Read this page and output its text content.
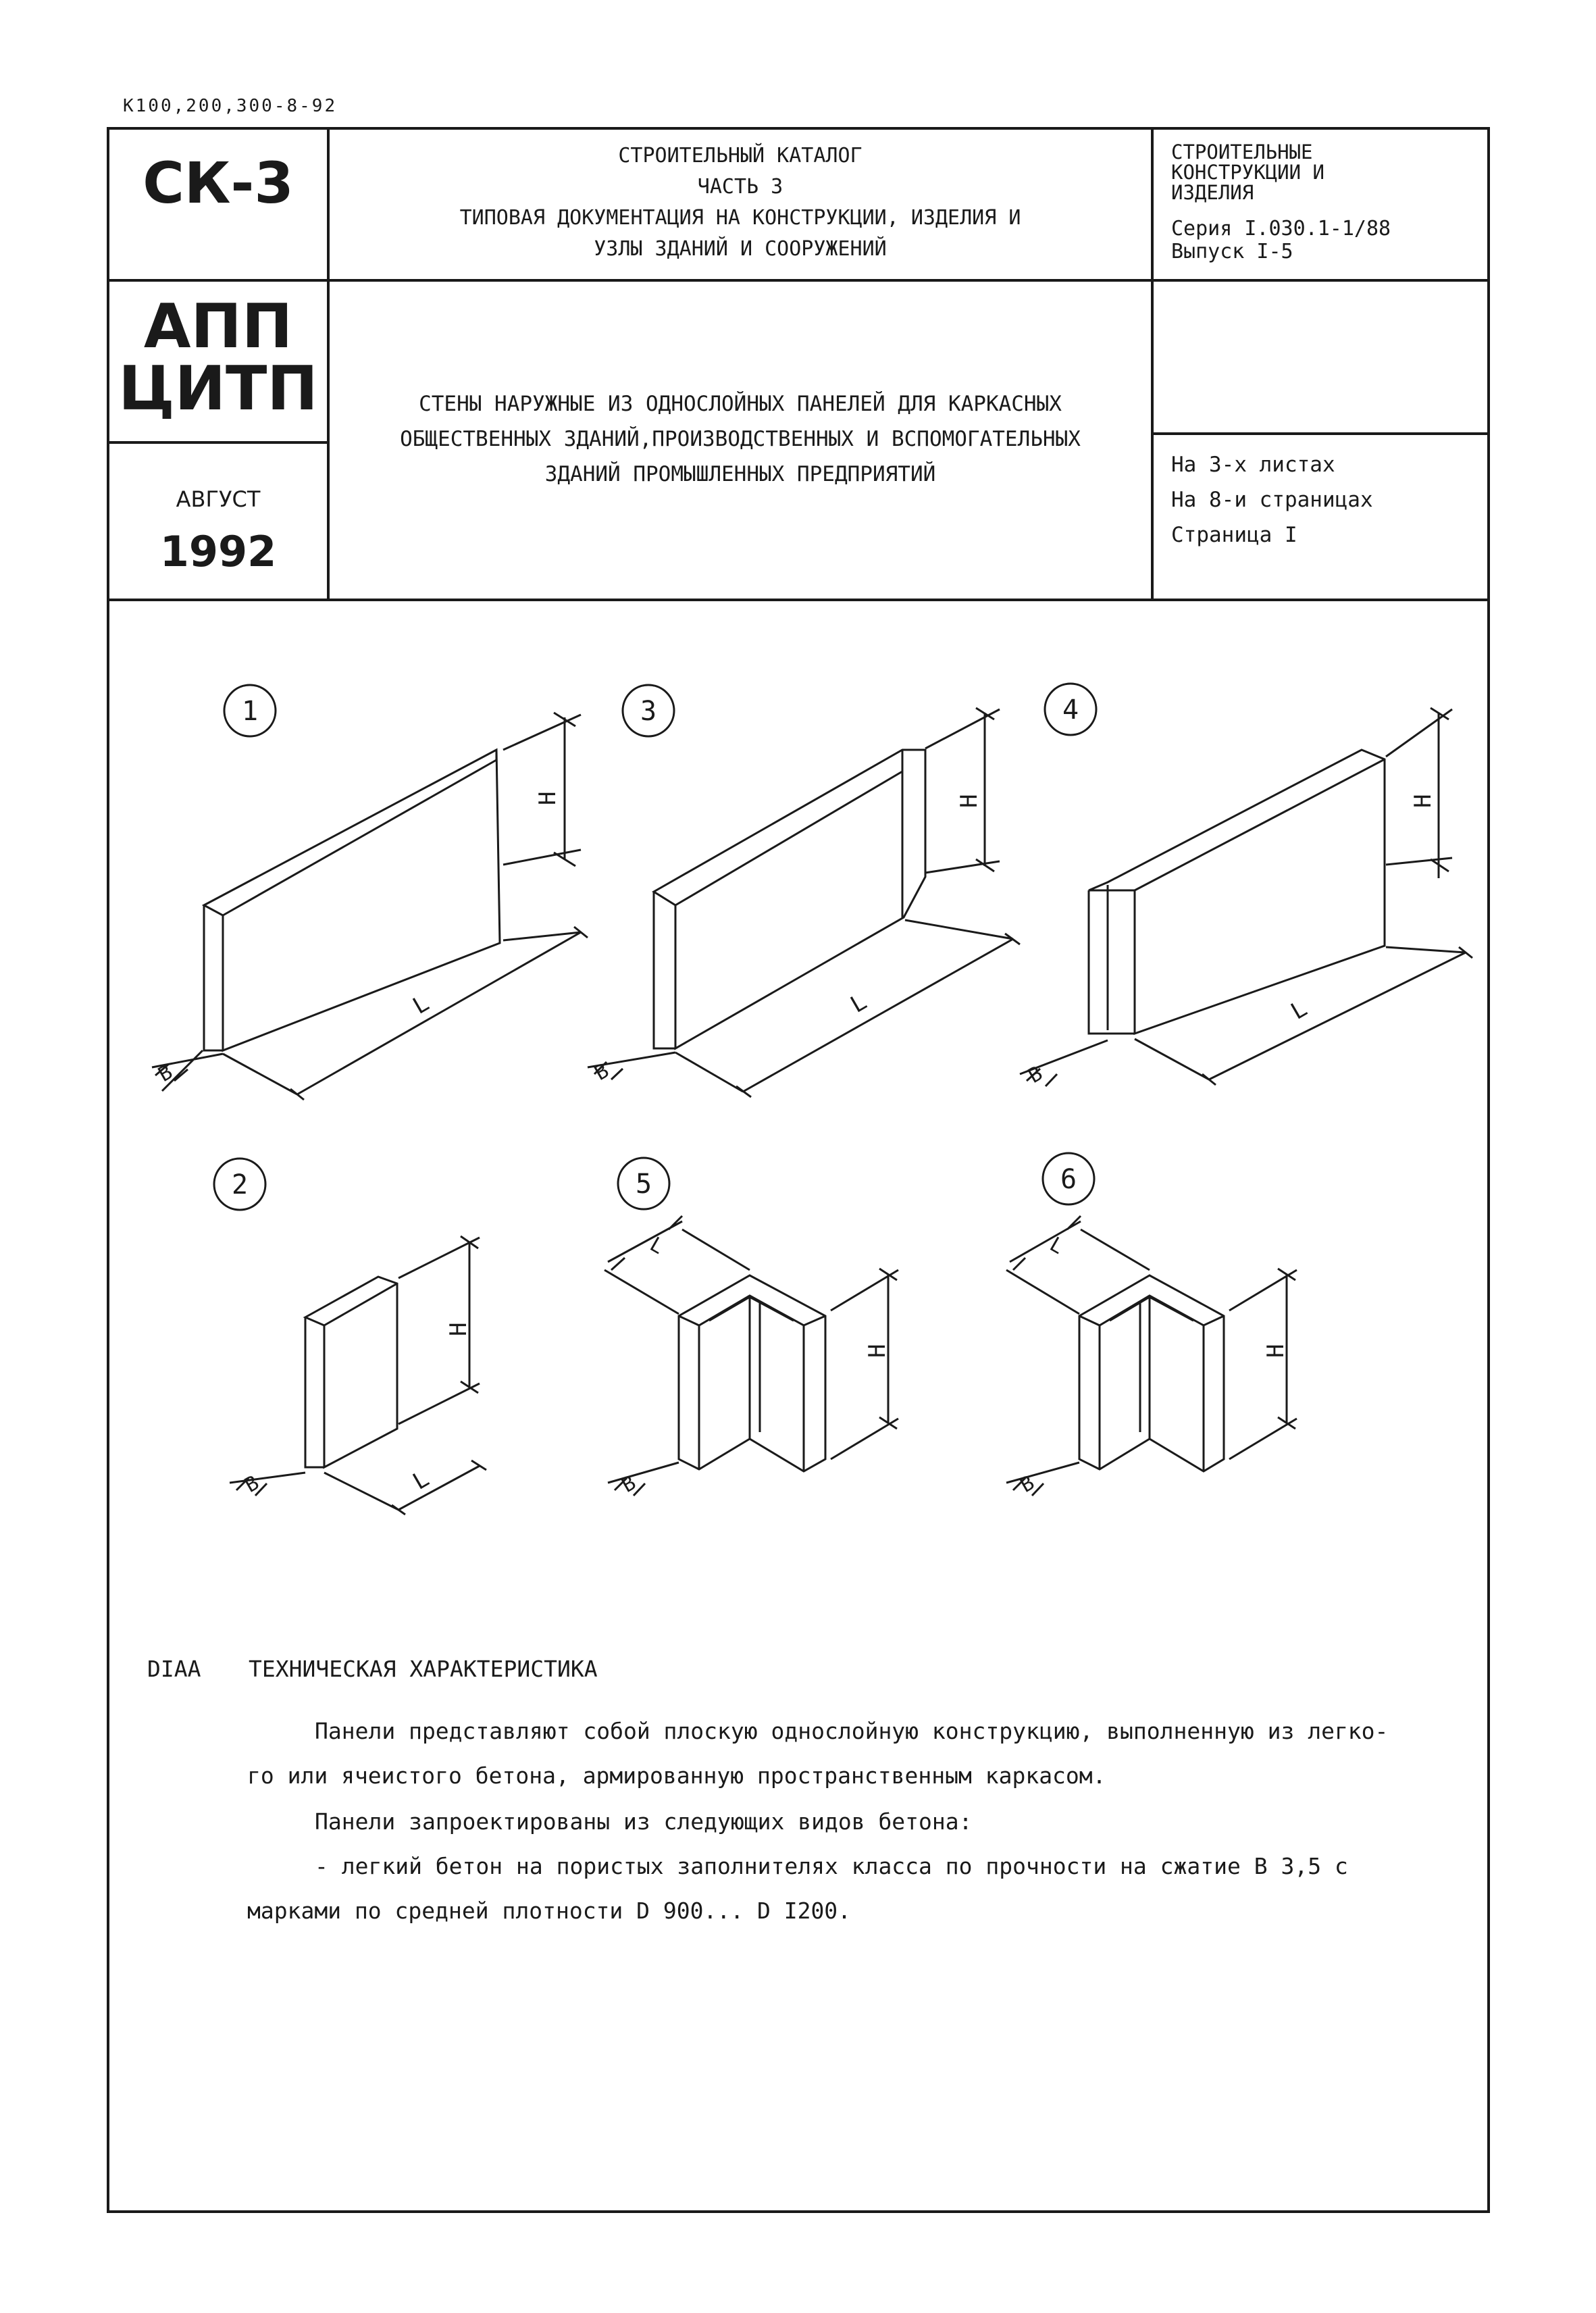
К100,200,300-8-92
СК-3
АПП
ЦИТП
АВГУСТ
1992
СТРОИТЕЛЬНЫЙ КАТАЛОГ
ЧАСТЬ 3
ТИПОВАЯ ДОКУМЕНТАЦИЯ НА КОНСТРУКЦИИ, ИЗДЕЛИЯ И
УЗЛЫ ЗДАНИЙ И СООРУЖЕНИЙ
СТЕНЫ НАРУЖНЫЕ ИЗ ОДНОСЛОЙНЫХ ПАНЕЛЕЙ ДЛЯ КАРКАСНЫХ
ОБЩЕСТВЕННЫХ ЗДАНИЙ,ПРОИЗВОДСТВЕННЫХ И ВСПОМОГАТЕЛЬНЫХ
ЗДАНИЙ ПРОМЫШЛЕННЫХ ПРЕДПРИЯТИЙ
СТРОИТЕЛЬНЫЕ
КОНСТРУКЦИИ И
ИЗДЕЛИЯ
Серия I.030.1-1/88
Выпуск I-5
На 3-х листах
На 8-и страницах
Страница I
1
H
L
B
3
H
L
B
4
H
L
B
2
H
L
B
5
L
H
B
6
L
H
B
DIAA ТЕХНИЧЕСКАЯ ХАРАКТЕРИСТИКА
Панели представляют собой плоскую однослойную конструкцию, выполненную из легко-
го или ячеистого бетона, армированную пространственным каркасом.
Панели запроектированы из следующих видов бетона:
- легкий бетон на пористых заполнителях класса по прочности на сжатие В 3,5 с
марками по средней плотности D 900... D I200.
